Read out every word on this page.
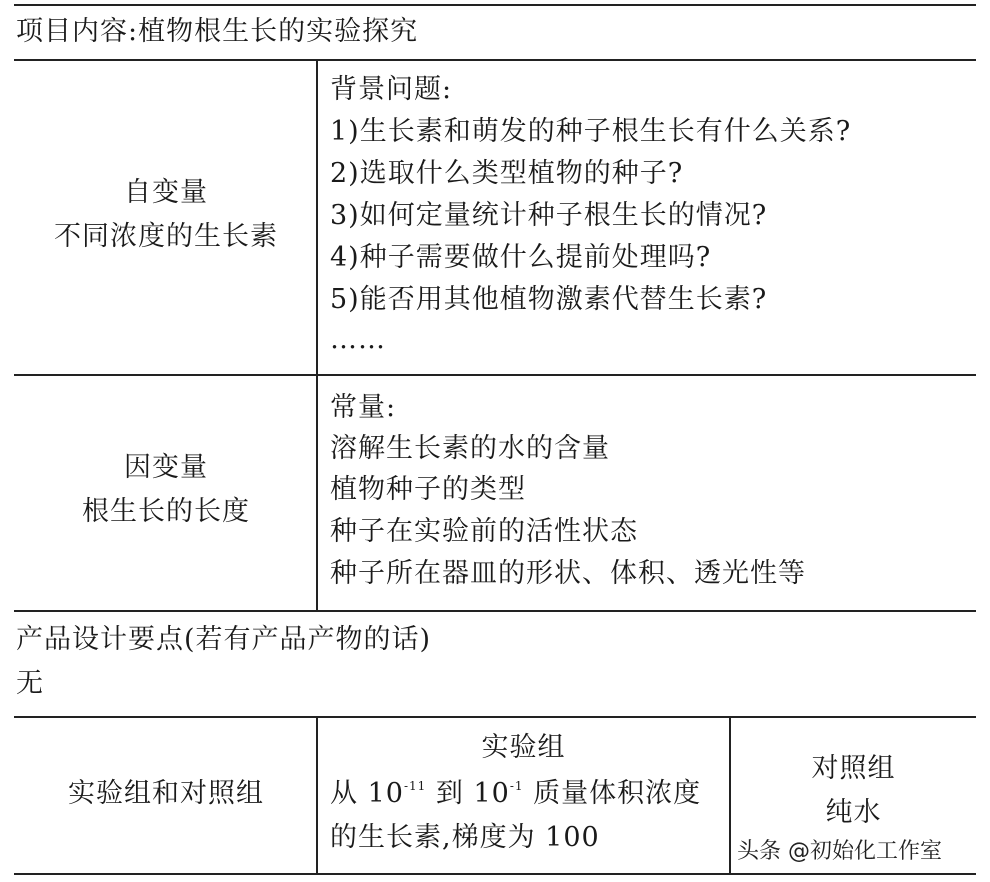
项目内容:植物根生长的实验探究
自变量
不同浓度的生长素
背景问题:
1)生长素和萌发的种子根生长有什么关系?
2)选取什么类型植物的种子?
3)如何定量统计种子根生长的情况?
4)种子需要做什么提前处理吗?
5)能否用其他植物激素代替生长素?
……
因变量
根生长的长度
常量:
溶解生长素的水的含量
植物种子的类型
种子在实验前的活性状态
种子所在器皿的形状、体积、透光性等
产品设计要点(若有产品产物的话)
无
实验组和对照组
实验组
从 $10^{-11}$ 到 $10^{-1}$ 质量体积浓度
的生长素,梯度为 100
对照组
纯水
头条 @初始化工作室
